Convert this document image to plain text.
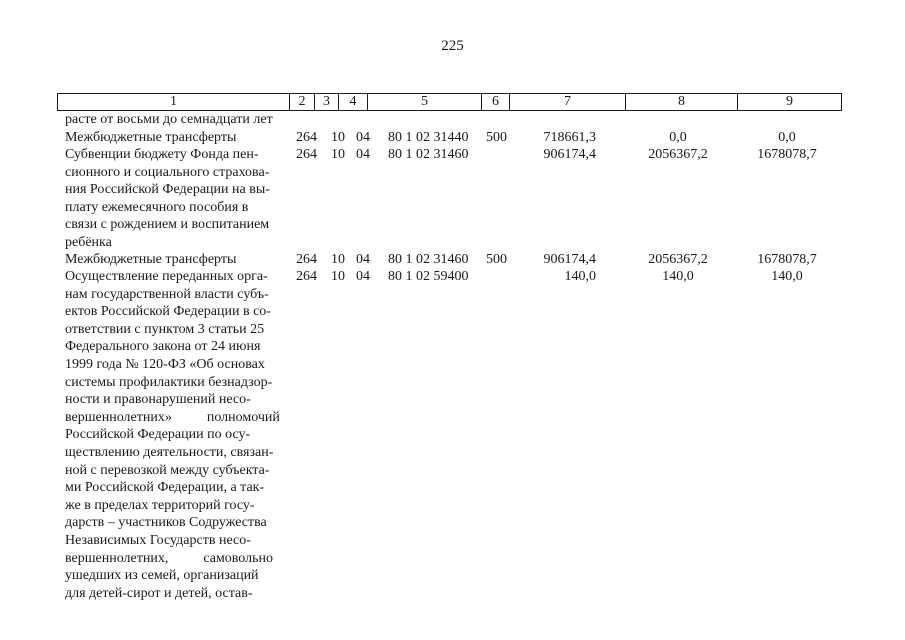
225
1	2	3	4	5	6	7	8	9
расте от восьми до семнадцати лет
Межбюджетные трансферты	264 10 04 80 1 02 31440 500	718661,3	0,0	0,0
Субвенции бюджету Фонда пен-
сионного и социального страхова-
ния Российской Федерации на вы-
плату ежемесячного пособия в
связи с рождением и воспитанием
ребёнка
264 10 04 80 1 02 31460	906174,4	2056367,2	1678078,7
Межбюджетные трансферты	264 10 04 80 1 02 31460 500	906174,4	2056367,2	1678078,7
Осуществление переданных орга-
нам государственной власти субъ-
ектов Российской Федерации в со-
ответствии с пунктом 3 статьи 25
Федерального закона от 24 июня
1999 года № 120-ФЗ «Об основах
системы профилактики безнадзор-
ности и правонарушений несо-
вершеннолетних»          полномочий
Российской Федерации по осу-
ществлению деятельности, связан-
ной с перевозкой между субъекта-
ми Российской Федерации, а так-
же в пределах территорий госу-
дарств – участников Содружества
Независимых Государств несо-
вершеннолетних,          самовольно
ушедших из семей, организаций
для детей-сирот и детей, остав-
264 10 04 80 1 02 59400	140,0	140,0	140,0
